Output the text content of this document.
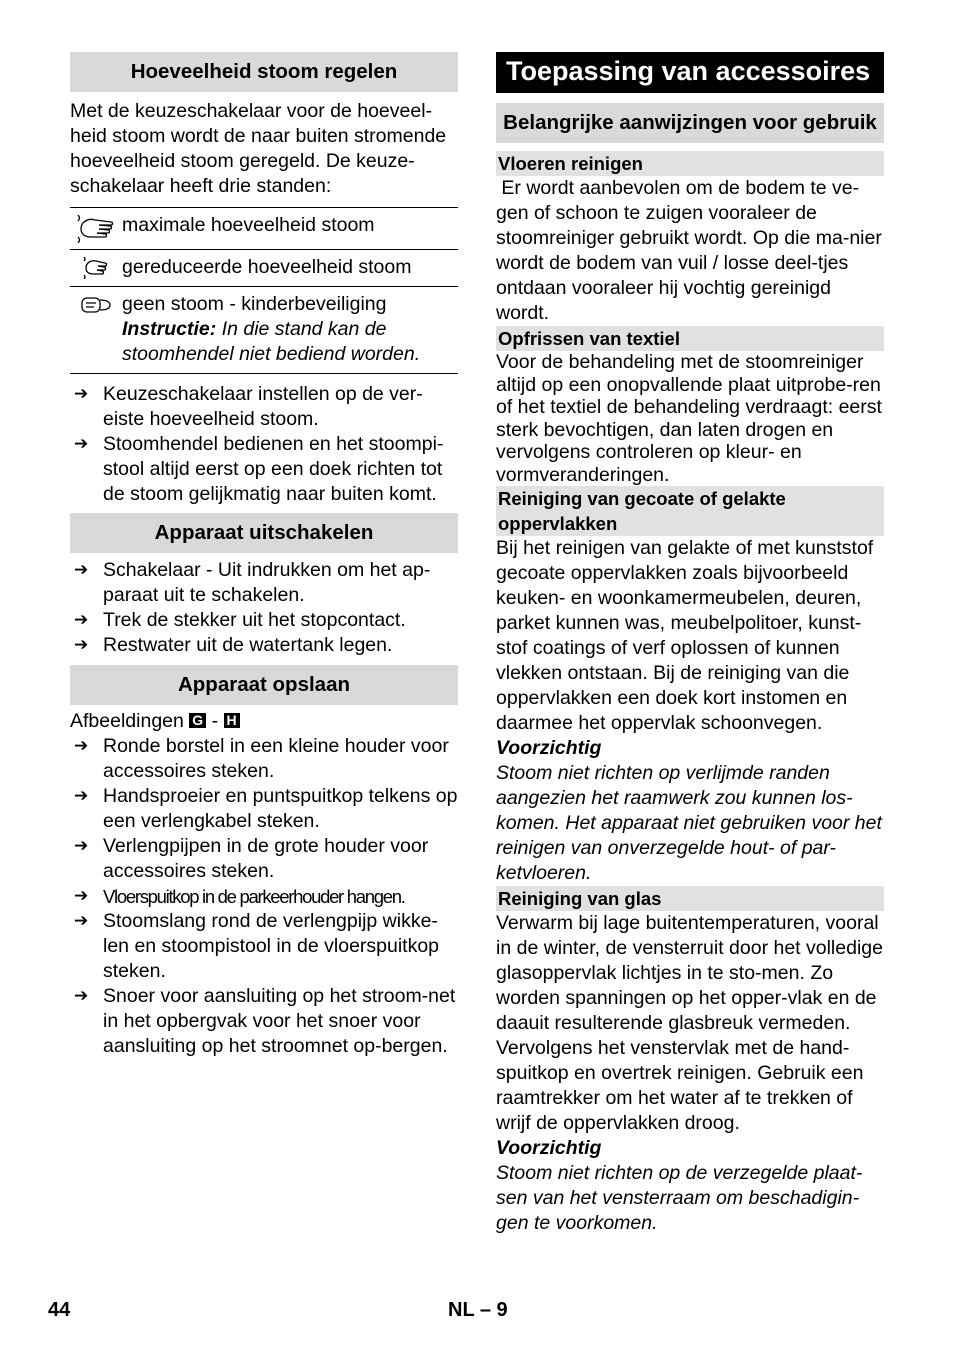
Hoeveelheid stoom regelen

Met de keuzeschakelaar voor de hoeveel-heid stoom wordt de naar buiten stromende hoeveelheid stoom geregeld. De keuze-schakelaar heeft drie standen:

maximale hoeveelheid stoom
gereduceerde hoeveelheid stoom
geen stoom - kinderbeveiliging
Instructie: In die stand kan de stoomhendel niet bediend worden.
➔ Keuzeschakelaar instellen op de ver-eiste hoeveelheid stoom.
➔ Stoomhendel bedienen en het stoompi-stool altijd eerst op een doek richten tot de stoom gelijkmatig naar buiten komt.
Apparaat uitschakelen
➔ Schakelaar - Uit indrukken om het ap-paraat uit te schakelen.
➔ Trek de stekker uit het stopcontact.
➔ Restwater uit de watertank legen.
Apparaat opslaan

Afbeeldingen G - H

➔ Ronde borstel in een kleine houder voor accessoires steken.
➔ Handsproeier en puntspuitkop telkens op een verlengkabel steken.
➔ Verlengpijpen in de grote houder voor accessoires steken.
➔ Vloerspuitkop in de parkeerhouder hangen.
➔ Stoomslang rond de verlengpijp wikke-len en stoompistool in de vloerspuitkop steken.
➔ Snoer voor aansluiting op het stroom-net in het opbergvak voor het snoer voor aansluiting op het stroomnet op-bergen.
Toepassing van accessoires
Belangrijke aanwijzingen voor gebruik
Vloeren reinigen

Er wordt aanbevolen om de bodem te ve-gen of schoon te zuigen vooraleer de stoomreiniger gebruikt wordt. Op die ma-nier wordt de bodem van vuil / losse deel-tjes ontdaan vooraleer hij vochtig gereinigd wordt.

Opfrissen van textiel

Voor de behandeling met de stoomreiniger altijd op een onopvallende plaat uitprobe-ren of het textiel de behandeling verdraagt: eerst sterk bevochtigen, dan laten drogen en vervolgens controleren op kleur- en vormveranderingen.

Reiniging van gecoate of gelakte oppervlakken

Bij het reinigen van gelakte of met kunststof gecoate oppervlakken zoals bijvoorbeeld keuken- en woonkamermeubelen, deuren, parket kunnen was, meubelpolitoer, kunst-stof coatings of verf oplossen of kunnen vlekken ontstaan. Bij de reiniging van die oppervlakken een doek kort instomen en daarmee het oppervlak schoonvegen.

Voorzichtig

Stoom niet richten op verlijmde randen aangezien het raamwerk zou kunnen los-komen. Het apparaat niet gebruiken voor het reinigen van onverzegelde hout- of par-ketvloeren.

Reiniging van glas

Verwarm bij lage buitentemperaturen, vooral in de winter, de vensterruit door het volledige glasoppervlak lichtjes in te sto-men. Zo worden spanningen op het opper-vlak en de daauit resulterende glasbreuk vermeden.

Vervolgens het venstervlak met de hand-spuitkop en overtrek reinigen. Gebruik een raamtrekker om het water af te trekken of wrijf de oppervlakken droog.

Voorzichtig

Stoom niet richten op de verzegelde plaat-sen van het vensterraam om beschadigin-gen te voorkomen.

44	NL – 9
